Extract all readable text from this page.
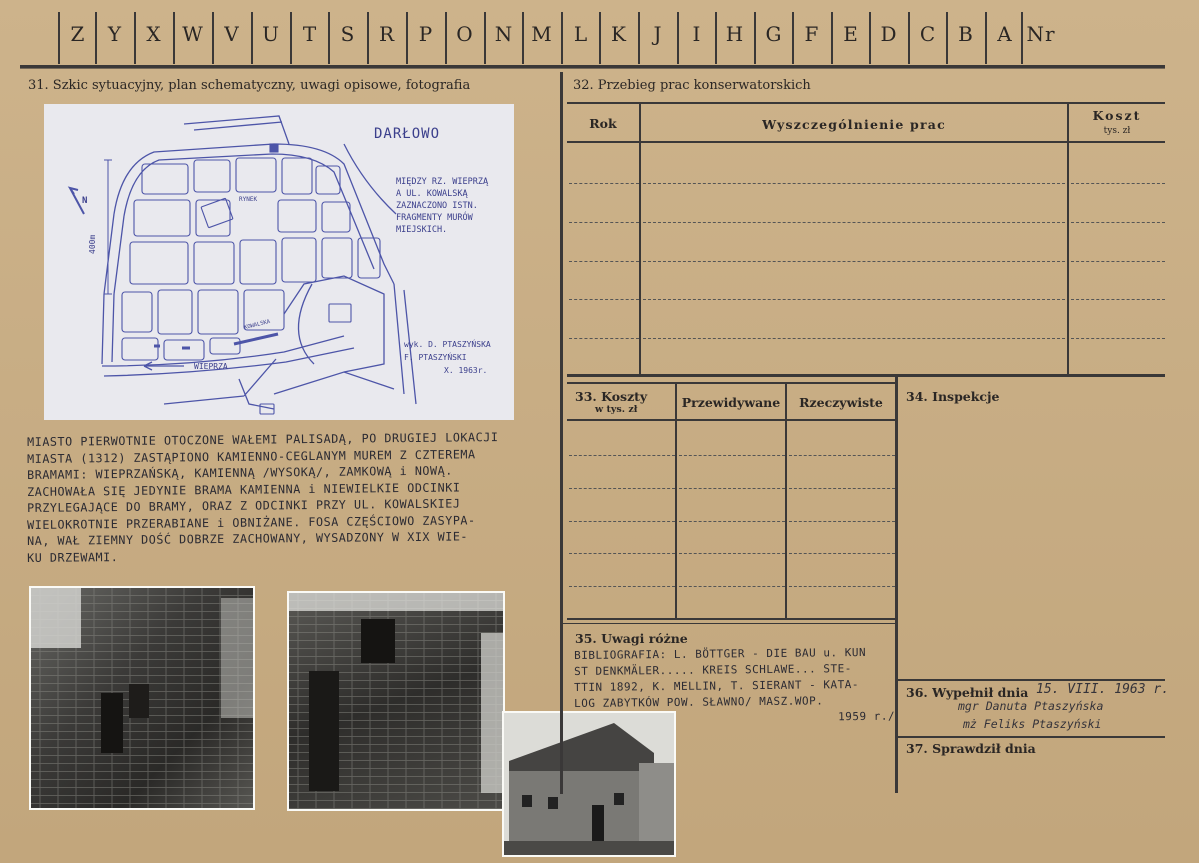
Z	Y	X	W	V	U	T	S	R	P	O	N M	L	K	J	I	H	G	F	E	D	C	B	A Nr
31. Szkic sytuacyjny, plan schematyczny, uwagi opisowe, fotografia
DARŁOWO
MIĘDZY RZ. WIEPRZĄ
A UL. KOWALSKĄ
ZAZNACZONO ISTN.
FRAGMENTY MURÓW
MIEJSKICH.
400m
N	RYNEK
KOWALSKA
WIEPRZA
wyk. D. PTASZYŃSKA
F. PTASZYŃSKI
X. 1963r.
MIASTO PIERWOTNIE OTOCZONE WAŁEMI PALISADĄ, PO DRUGIEJ LOKACJI
MIASTA (1312) ZASTĄPIONO KAMIENNO-CEGLANYM MUREM Z CZTEREMA
BRAMAMI: WIEPRZAŃSKĄ, KAMIENNĄ /WYSOKĄ/, ZAMKOWĄ i NOWĄ.
ZACHOWAŁA SIĘ JEDYNIE BRAMA KAMIENNA i NIEWIELKIE ODCINKI
PRZYLEGAJĄCE DO BRAMY, ORAZ Z ODCINKI PRZY UL. KOWALSKIEJ
WIELOKROTNIE PRZERABIANE i OBNIŻANE. FOSA CZĘŚCIOWO ZASYPA-
NA, WAŁ ZIEMNY DOŚĆ DOBRZE ZACHOWANY, WYSADZONY W XIX WIE-
KU DRZEWAMI.
32. Przebieg prac konserwatorskich
Rok	Wyszczególnienie prac
Koszt
tys. zł
33. Koszty
w tys. zł	Przewidywane	Rzeczywiste	34. Inspekcje
35. Uwagi różne
BIBLIOGRAFIA: L. BÖTTGER - DIE BAU u. KUN
ST DENKMÄLER..... KREIS SCHLAWE... STE-
TTIN 1892, K. MELLIN, T. SIERANT - KATA-
LOG ZABYTKÓW POW. SŁAWNO/ MASZ.WOP.
1959 r./
36. Wypełnił dnia 15. VIII. 1963 r.
mgr Danuta Ptaszyńska
mż Feliks Ptaszyński
37. Sprawdził dnia
